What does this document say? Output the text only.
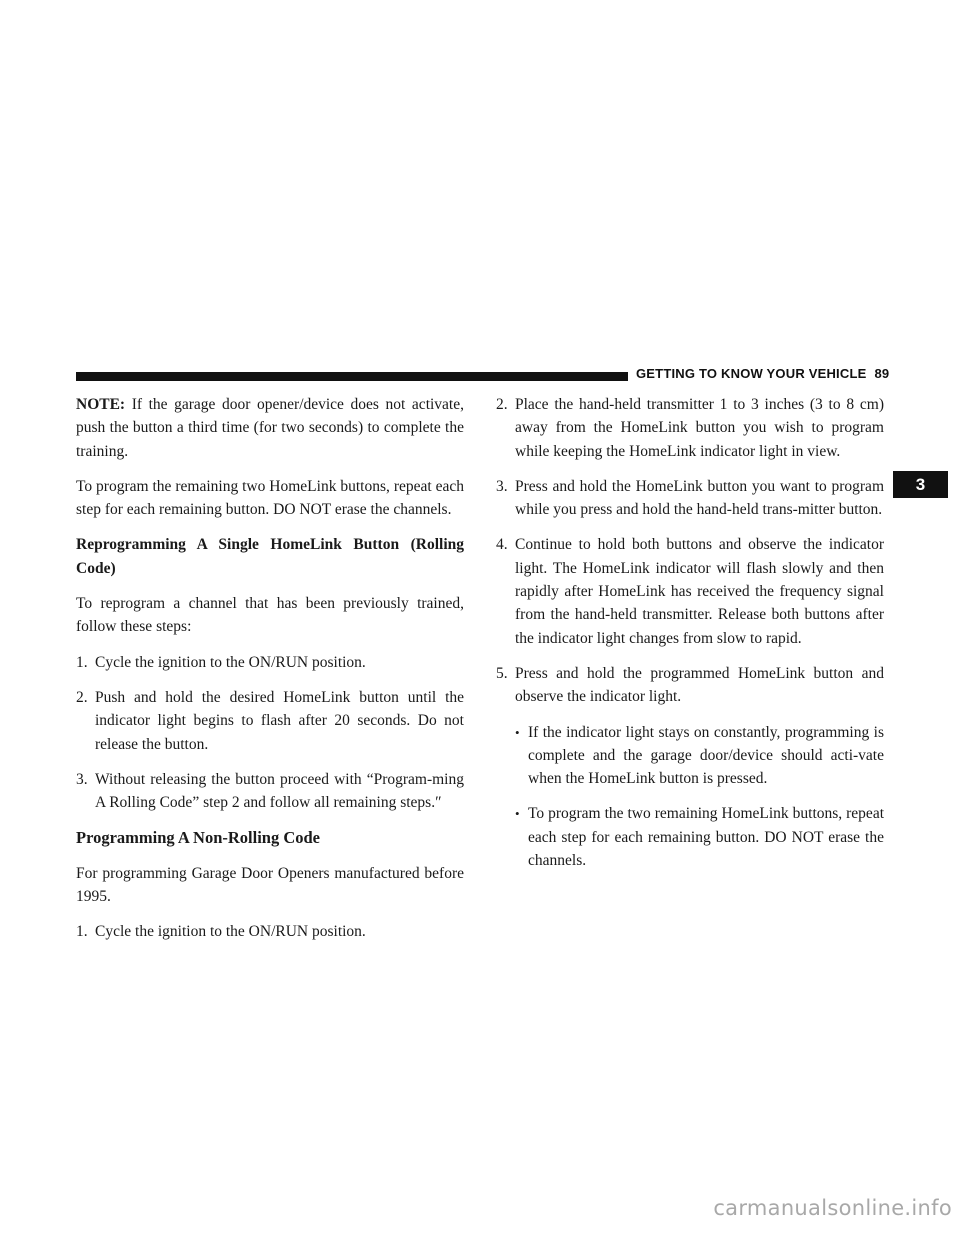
GETTING TO KNOW YOUR VEHICLE 89
3

NOTE: If the garage door opener/device does not activate, push the button a third time (for two seconds) to complete the training.

To program the remaining two HomeLink buttons, repeat each step for each remaining button. DO NOT erase the channels.

Reprogramming A Single HomeLink Button (Rolling Code)

To reprogram a channel that has been previously trained, follow these steps:

1. Cycle the ignition to the ON/RUN position.
2. Push and hold the desired HomeLink button until the indicator light begins to flash after 20 seconds. Do not release the button.
3. Without releasing the button proceed with “Program-ming A Rolling Code” step 2 and follow all remaining steps.″
Programming A Non-Rolling Code

For programming Garage Door Openers manufactured before 1995.

1. Cycle the ignition to the ON/RUN position.
2. Place the hand-held transmitter 1 to 3 inches (3 to 8 cm) away from the HomeLink button you wish to program while keeping the HomeLink indicator light in view.
3. Press and hold the HomeLink button you want to program while you press and hold the hand-held trans-mitter button.
4. Continue to hold both buttons and observe the indicator light. The HomeLink indicator will flash slowly and then rapidly after HomeLink has received the frequency signal from the hand-held transmitter. Release both buttons after the indicator light changes from slow to rapid.
5. Press and hold the programmed HomeLink button and observe the indicator light.
• If the indicator light stays on constantly, programming is complete and the garage door/device should acti-vate when the HomeLink button is pressed.
• To program the two remaining HomeLink buttons, repeat each step for each remaining button. DO NOT erase the channels.
carmanualsonline.info
